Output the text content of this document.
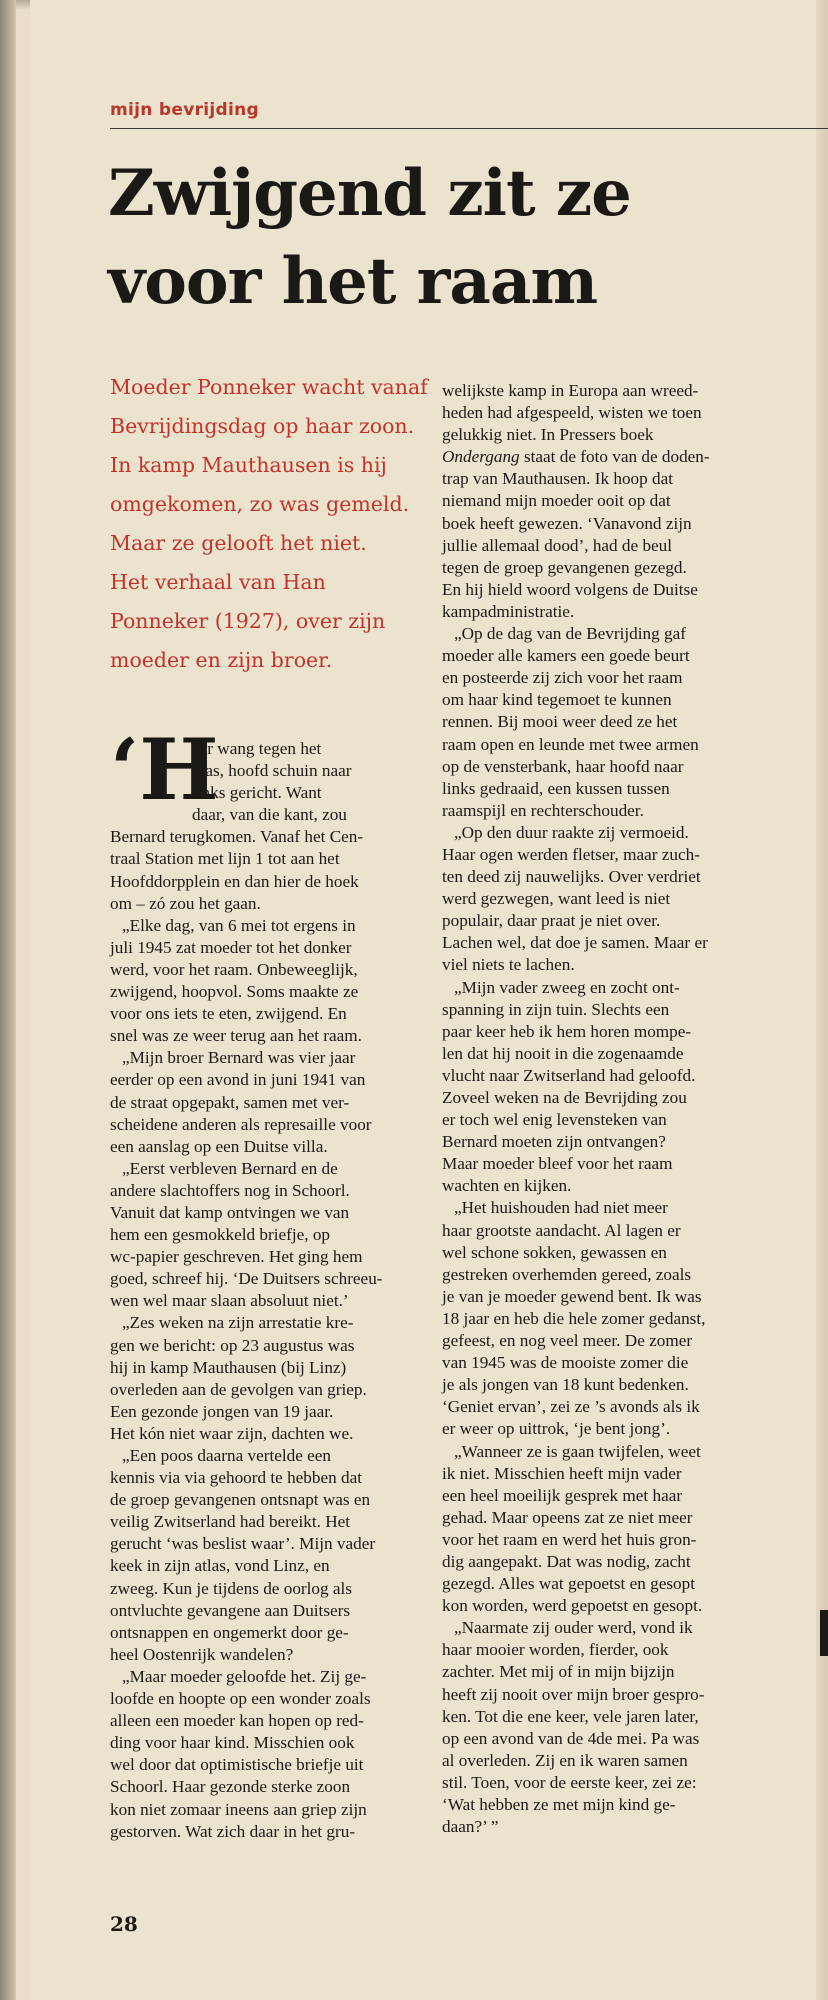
mijn bevrijding
Zwijgend zit ze
voor het raam
Moeder Ponneker wacht vanaf
Bevrijdingsdag op haar zoon.
In kamp Mauthausen is hij
omgekomen, zo was gemeld.
Maar ze gelooft het niet.
Het verhaal van Han
Ponneker (1927), over zijn
moeder en zijn broer.
‘H
aar wang tegen het
glas, hoofd schuin naar
links gericht. Want
daar, van die kant, zou
Bernard terugkomen. Vanaf het Cen-
traal Station met lijn 1 tot aan het
Hoofddorpplein en dan hier de hoek
om – zó zou het gaan.
„Elke dag, van 6 mei tot ergens in
juli 1945 zat moeder tot het donker
werd, voor het raam. Onbeweeglijk,
zwijgend, hoopvol. Soms maakte ze
voor ons iets te eten, zwijgend. En
snel was ze weer terug aan het raam.
„Mijn broer Bernard was vier jaar
eerder op een avond in juni 1941 van
de straat opgepakt, samen met ver-
scheidene anderen als represaille voor
een aanslag op een Duitse villa.
„Eerst verbleven Bernard en de
andere slachtoffers nog in Schoorl.
Vanuit dat kamp ontvingen we van
hem een gesmokkeld briefje, op
wc-papier geschreven. Het ging hem
goed, schreef hij. ‘De Duitsers schreeu-
wen wel maar slaan absoluut niet.’
„Zes weken na zijn arrestatie kre-
gen we bericht: op 23 augustus was
hij in kamp Mauthausen (bij Linz)
overleden aan de gevolgen van griep.
Een gezonde jongen van 19 jaar.
Het kón niet waar zijn, dachten we.
„Een poos daarna vertelde een
kennis via via gehoord te hebben dat
de groep gevangenen ontsnapt was en
veilig Zwitserland had bereikt. Het
gerucht ‘was beslist waar’. Mijn vader
keek in zijn atlas, vond Linz, en
zweeg. Kun je tijdens de oorlog als
ontvluchte gevangene aan Duitsers
ontsnappen en ongemerkt door ge-
heel Oostenrijk wandelen?
„Maar moeder geloofde het. Zij ge-
loofde en hoopte op een wonder zoals
alleen een moeder kan hopen op red-
ding voor haar kind. Misschien ook
wel door dat optimistische briefje uit
Schoorl. Haar gezonde sterke zoon
kon niet zomaar ineens aan griep zijn
gestorven. Wat zich daar in het gru-
welijkste kamp in Europa aan wreed-
heden had afgespeeld, wisten we toen
gelukkig niet. In Pressers boek
Ondergang staat de foto van de doden-
trap van Mauthausen. Ik hoop dat
niemand mijn moeder ooit op dat
boek heeft gewezen. ‘Vanavond zijn
jullie allemaal dood’, had de beul
tegen de groep gevangenen gezegd.
En hij hield woord volgens de Duitse
kampadministratie.
„Op de dag van de Bevrijding gaf
moeder alle kamers een goede beurt
en posteerde zij zich voor het raam
om haar kind tegemoet te kunnen
rennen. Bij mooi weer deed ze het
raam open en leunde met twee armen
op de vensterbank, haar hoofd naar
links gedraaid, een kussen tussen
raamspijl en rechterschouder.
„Op den duur raakte zij vermoeid.
Haar ogen werden fletser, maar zuch-
ten deed zij nauwelijks. Over verdriet
werd gezwegen, want leed is niet
populair, daar praat je niet over.
Lachen wel, dat doe je samen. Maar er
viel niets te lachen.
„Mijn vader zweeg en zocht ont-
spanning in zijn tuin. Slechts een
paar keer heb ik hem horen mompe-
len dat hij nooit in die zogenaamde
vlucht naar Zwitserland had geloofd.
Zoveel weken na de Bevrijding zou
er toch wel enig levensteken van
Bernard moeten zijn ontvangen?
Maar moeder bleef voor het raam
wachten en kijken.
„Het huishouden had niet meer
haar grootste aandacht. Al lagen er
wel schone sokken, gewassen en
gestreken overhemden gereed, zoals
je van je moeder gewend bent. Ik was
18 jaar en heb die hele zomer gedanst,
gefeest, en nog veel meer. De zomer
van 1945 was de mooiste zomer die
je als jongen van 18 kunt bedenken.
‘Geniet ervan’, zei ze ’s avonds als ik
er weer op uittrok, ‘je bent jong’.
„Wanneer ze is gaan twijfelen, weet
ik niet. Misschien heeft mijn vader
een heel moeilijk gesprek met haar
gehad. Maar opeens zat ze niet meer
voor het raam en werd het huis gron-
dig aangepakt. Dat was nodig, zacht
gezegd. Alles wat gepoetst en gesopt
kon worden, werd gepoetst en gesopt.
„Naarmate zij ouder werd, vond ik
haar mooier worden, fierder, ook
zachter. Met mij of in mijn bijzijn
heeft zij nooit over mijn broer gespro-
ken. Tot die ene keer, vele jaren later,
op een avond van de 4de mei. Pa was
al overleden. Zij en ik waren samen
stil. Toen, voor de eerste keer, zei ze:
‘Wat hebben ze met mijn kind ge-
daan?’ ”
28
